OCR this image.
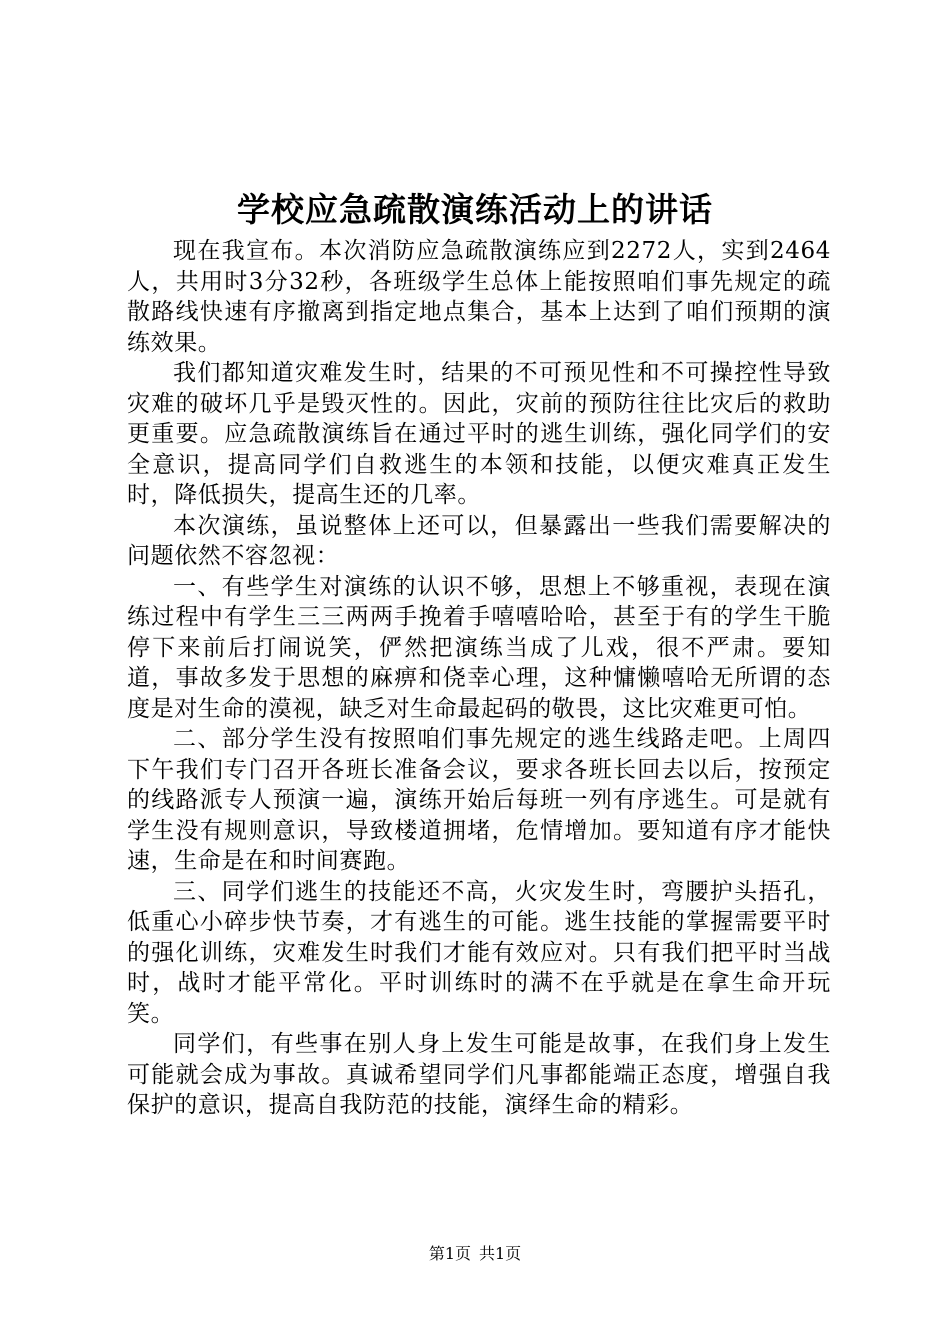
学校应急疏散演练活动上的讲话

现在我宣布。本次消防应急疏散演练应到2272人，实到2464人，共用时3分32秒，各班级学生总体上能按照咱们事先规定的疏散路线快速有序撤离到指定地点集合，基本上达到了咱们预期的演练效果。

我们都知道灾难发生时，结果的不可预见性和不可操控性导致灾难的破坏几乎是毁灭性的。因此，灾前的预防往往比灾后的救助更重要。应急疏散演练旨在通过平时的逃生训练，强化同学们的安全意识，提高同学们自救逃生的本领和技能，以便灾难真正发生时，降低损失，提高生还的几率。

本次演练，虽说整体上还可以，但暴露出一些我们需要解决的问题依然不容忽视：

一、有些学生对演练的认识不够，思想上不够重视，表现在演练过程中有学生三三两两手挽着手嘻嘻哈哈，甚至于有的学生干脆停下来前后打闹说笑，俨然把演练当成了儿戏，很不严肃。要知道，事故多发于思想的麻痹和侥幸心理，这种慵懒嘻哈无所谓的态度是对生命的漠视，缺乏对生命最起码的敬畏，这比灾难更可怕。

二、部分学生没有按照咱们事先规定的逃生线路走吧。上周四下午我们专门召开各班长准备会议，要求各班长回去以后，按预定的线路派专人预演一遍，演练开始后每班一列有序逃生。可是就有学生没有规则意识，导致楼道拥堵，危情增加。要知道有序才能快速，生命是在和时间赛跑。

三、同学们逃生的技能还不高，火灾发生时，弯腰护头捂孔，低重心小碎步快节奏，才有逃生的可能。逃生技能的掌握需要平时的强化训练，灾难发生时我们才能有效应对。只有我们把平时当战时，战时才能平常化。平时训练时的满不在乎就是在拿生命开玩笑。

同学们，有些事在别人身上发生可能是故事，在我们身上发生可能就会成为事故。真诚希望同学们凡事都能端正态度，增强自我保护的意识，提高自我防范的技能，演绎生命的精彩。

第1页 共1页
